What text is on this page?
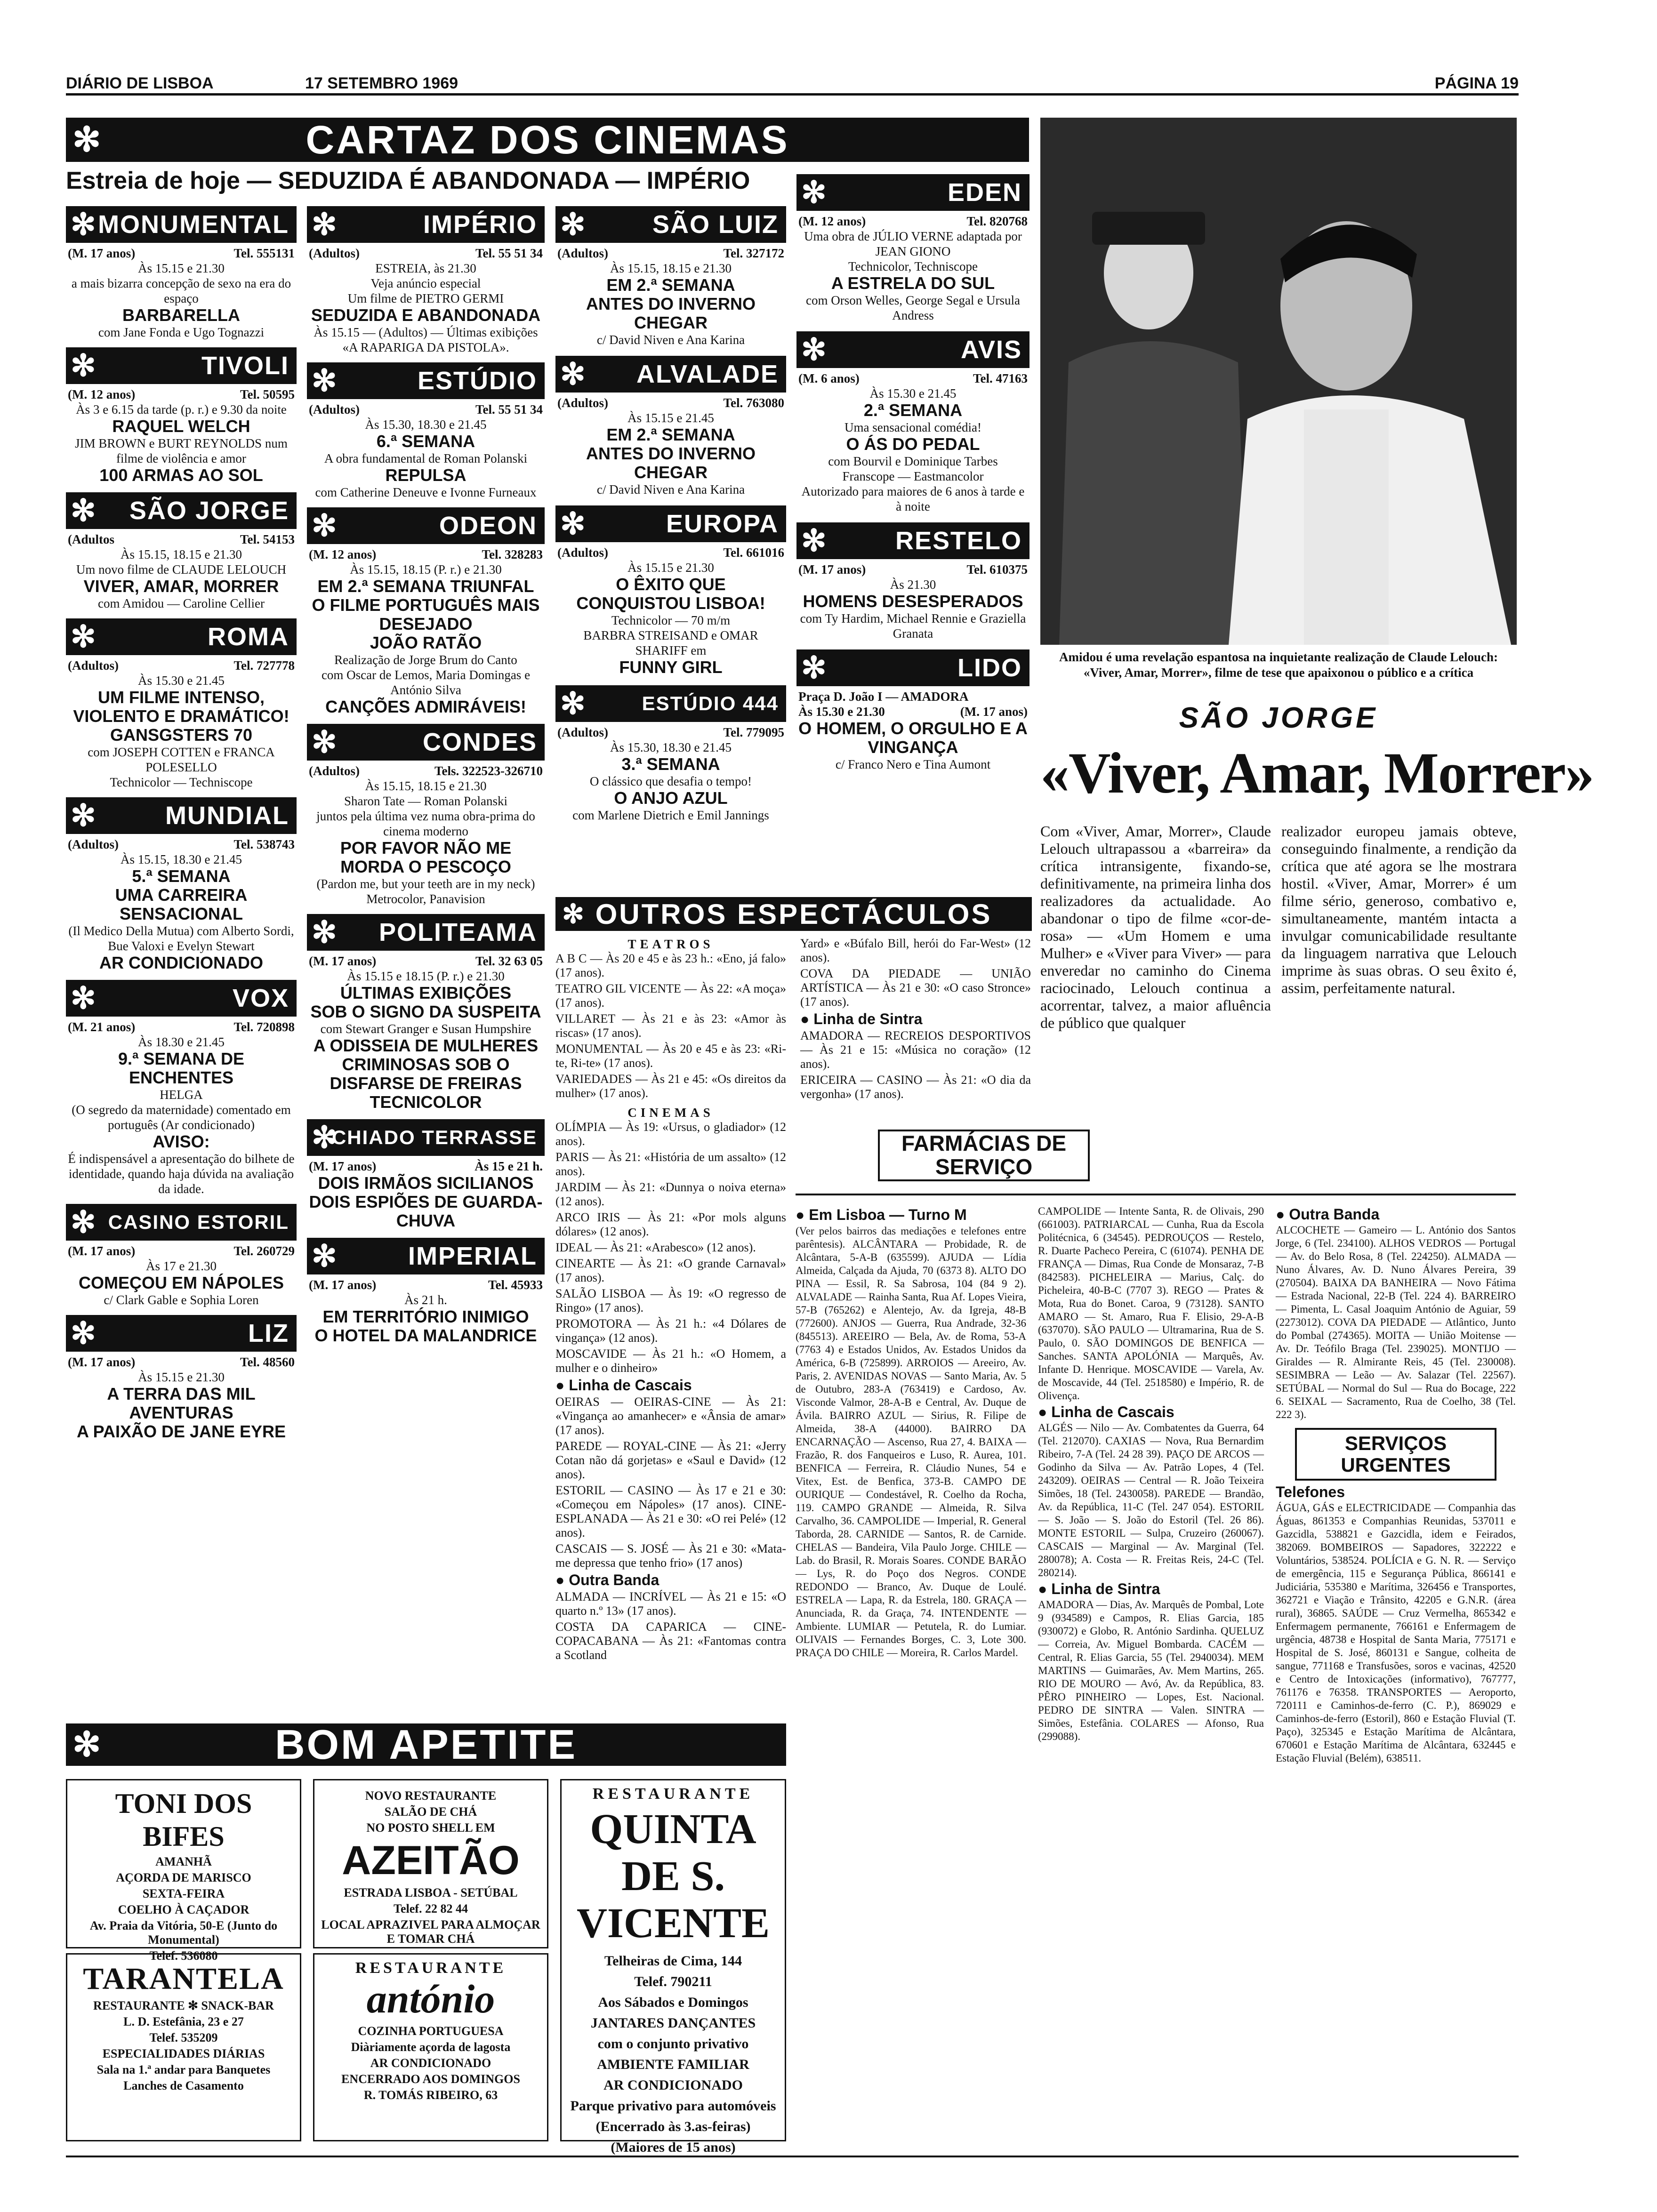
DIÁRIO DE LISBOA	17 SETEMBRO 1969	PÁGINA 19
✻	CARTAZ DOS CINEMAS
Estreia de hoje — SEDUZIDA É ABANDONADA — IMPÉRIO
✻ MONUMENTAL
(M. 17 anos)	Tel. 555131

Às 15.15 e 21.30

a mais bizarra concepção de sexo na era do espaço

BARBARELLA

com Jane Fonda e Ugo Tognazzi

✻	TIVOLI
(M. 12 anos)	Tel. 50595

Às 3 e 6.15 da tarde (p. r.) e 9.30 da noite

RAQUEL WELCH

JIM BROWN e BURT REYNOLDS num filme de violência e amor

100 ARMAS AO SOL

✻ SÃO JORGE
(Adultos	Tel. 54153

Às 15.15, 18.15 e 21.30

Um novo filme de CLAUDE LELOUCH

VIVER, AMAR, MORRER

com Amidou — Caroline Cellier

✻	ROMA
(Adultos)	Tel. 727778

Às 15.30 e 21.45

UM FILME INTENSO, VIOLENTO E DRAMÁTICO!

GANSGSTERS 70

com JOSEPH COTTEN e FRANCA POLESELLO

Technicolor — Techniscope

✻	MUNDIAL
(Adultos)	Tel. 538743

Às 15.15, 18.30 e 21.45

5.ª SEMANA

UMA CARREIRA SENSACIONAL

(Il Medico Della Mutua) com Alberto Sordi, Bue Valoxi e Evelyn Stewart

AR CONDICIONADO

✻	VOX
(M. 21 anos)	Tel. 720898

Às 18.30 e 21.45

9.ª SEMANA DE ENCHENTES

HELGA

(O segredo da maternidade) comentado em português (Ar condicionado)

AVISO:

É indispensável a apresentação do bilhete de identidade, quando haja dúvida na avaliação da idade.

✻ CASINO ESTORIL
(M. 17 anos)	Tel. 260729

Às 17 e 21.30

COMEÇOU EM NÁPOLES

c/ Clark Gable e Sophia Loren

✻	LIZ
(M. 17 anos)	Tel. 48560

Às 15.15 e 21.30

A TERRA DAS MIL AVENTURAS

A PAIXÃO DE JANE EYRE

✻	IMPÉRIO
(Adultos)	Tel. 55 51 34

ESTREIA, às 21.30

Veja anúncio especial

Um filme de PIETRO GERMI

SEDUZIDA E ABANDONADA

Às 15.15 — (Adultos) — Últimas exibições «A RAPARIGA DA PISTOLA».

✻	ESTÚDIO
(Adultos)	Tel. 55 51 34

Às 15.30, 18.30 e 21.45

6.ª SEMANA

A obra fundamental de Roman Polanski

REPULSA

com Catherine Deneuve e Ivonne Furneaux

✻	ODEON
(M. 12 anos)	Tel. 328283

Às 15.15, 18.15 (P. r.) e 21.30

EM 2.ª SEMANA TRIUNFAL

O FILME PORTUGUÊS MAIS DESEJADO

JOÃO RATÃO

Realização de Jorge Brum do Canto

com Oscar de Lemos, Maria Domingas e António Silva

CANÇÕES ADMIRÁVEIS!

✻	CONDES
(Adultos)	Tels. 322523-326710

Às 15.15, 18.15 e 21.30

Sharon Tate — Roman Polanski

juntos pela última vez numa obra-prima do cinema moderno

POR FAVOR NÃO ME MORDA O PESCOÇO

(Pardon me, but your teeth are in my neck)

Metrocolor, Panavision

✻ POLITEAMA
(M. 17 anos)	Tel. 32 63 05

Às 15.15 e 18.15 (P. r.) e 21.30

ÚLTIMAS EXIBIÇÕES

SOB O SIGNO DA SUSPEITA

com Stewart Granger e Susan Humpshire

A ODISSEIA DE MULHERES CRIMINOSAS SOB O DISFARSE DE FREIRAS

TECNICOLOR

✻
CHIADO TERRASSE
(M. 17 anos)	Às 15 e 21 h.

DOIS IRMÃOS SICILIANOS

DOIS ESPIÕES DE GUARDA-CHUVA

✻	IMPERIAL
(M. 17 anos)	Tel. 45933

Às 21 h.

EM TERRITÓRIO INIMIGO

O HOTEL DA MALANDRICE

✻	SÃO LUIZ
(Adultos)	Tel. 327172

Às 15.15, 18.15 e 21.30

EM 2.ª SEMANA

ANTES DO INVERNO CHEGAR

c/ David Niven e Ana Karina

✻ ALVALADE
(Adultos)	Tel. 763080

Às 15.15 e 21.45

EM 2.ª SEMANA

ANTES DO INVERNO CHEGAR

c/ David Niven e Ana Karina

✻	EUROPA
(Adultos)	Tel. 661016

Às 15.15 e 21.30

O ÊXITO QUE CONQUISTOU LISBOA!

Technicolor — 70 m/m

BARBRA STREISAND e OMAR SHARIFF em

FUNNY GIRL

✻	ESTÚDIO 444
(Adultos)	Tel. 779095

Às 15.30, 18.30 e 21.45

3.ª SEMANA

O clássico que desafia o tempo!

O ANJO AZUL

com Marlene Dietrich e Emil Jannings

✻	EDEN
(M. 12 anos)	Tel. 820768

Uma obra de JÚLIO VERNE adaptada por JEAN GIONO

Technicolor, Techniscope

A ESTRELA DO SUL

com Orson Welles, George Segal e Ursula Andress

✻	AVIS
(M. 6 anos)	Tel. 47163

Às 15.30 e 21.45

2.ª SEMANA

Uma sensacional comédia!

O ÁS DO PEDAL

com Bourvil e Dominique Tarbes

Franscope — Eastmancolor

Autorizado para maiores de 6 anos à tarde e à noite

✻	RESTELO
(M. 17 anos)	Tel. 610375

Às 21.30

HOMENS DESESPERADOS

com Ty Hardim, Michael Rennie e Graziella Granata

✻	LIDO
Praça D. João I — AMADORA
Às 15.30 e 21.30	(M. 17 anos)

O HOMEM, O ORGULHO E A VINGANÇA

c/ Franco Nero e Tina Aumont

Amidou é uma revelação espantosa na inquietante realização de Claude Lelouch: «Viver, Amar, Morrer», filme de tese que apaixonou o público e a crítica
SÃO JORGE
«Viver, Amar, Morrer»
Com «Viver, Amar, Morrer», Claude Lelouch ultrapassou a «barreira» da crítica intransigente, fixando-se, definitivamente, na primeira linha dos realizadores da actualidade. Ao abandonar o tipo de filme «cor-de-rosa» — «Um Homem e uma Mulher» e «Viver para Viver» — para enveredar no caminho do Cinema raciocinado, Lelouch continua a acorrentar, talvez, a maior afluência de público que qualquer
realizador europeu jamais obteve, conseguindo finalmente, a rendição da crítica que até agora se lhe mostrara hostil. «Viver, Amar, Morrer» é um filme sério, generoso, combativo e, simultaneamente, mantém intacta a invulgar comunicabilidade resultante da linguagem narrativa que Lelouch imprime às suas obras. O seu êxito é, assim, perfeitamente natural.
✻ OUTROS ESPECTÁCULOS
TEATROS

A B C — Às 20 e 45 e às 23 h.: «Eno, já falo» (17 anos).

TEATRO GIL VICENTE — Às 22: «A moça» (17 anos).

VILLARET — Às 21 e às 23: «Amor às riscas» (17 anos).

MONUMENTAL — Às 20 e 45 e às 23: «Ri-te, Ri-te» (17 anos).

VARIEDADES — Às 21 e 45: «Os direitos da mulher» (17 anos).

CINEMAS

OLÍMPIA — Às 19: «Ursus, o gladiador» (12 anos).

PARIS — Às 21: «História de um assalto» (12 anos).

JARDIM — Às 21: «Dunnya o noiva eterna» (12 anos).

ARCO IRIS — Às 21: «Por mols alguns dólares» (12 anos).

IDEAL — Às 21: «Arabesco» (12 anos).

CINEARTE — Às 21: «O grande Carnaval» (17 anos).

SALÃO LISBOA — Às 19: «O regresso de Ringo» (17 anos).

PROMOTORA — Às 21 h.: «4 Dólares de vingança» (12 anos).

MOSCAVIDE — Às 21 h.: «O Homem, a mulher e o dinheiro»

● Linha de Cascais

OEIRAS — OEIRAS-CINE — Às 21: «Vingança ao amanhecer» e «Ânsia de amar» (17 anos).

PAREDE — ROYAL-CINE — Às 21: «Jerry Cotan não dá gorjetas» e «Saul e David» (12 anos).

ESTORIL — CASINO — Às 17 e 21 e 30: «Começou em Nápoles» (17 anos). CINE-ESPLANADA — Às 21 e 30: «O rei Pelé» (12 anos).

CASCAIS — S. JOSÉ — Às 21 e 30: «Mata-me depressa que tenho frio» (17 anos)

● Outra Banda

ALMADA — INCRÍVEL — Às 21 e 15: «O quarto n.º 13» (17 anos).

COSTA DA CAPARICA — CINE-COPACABANA — Às 21: «Fantomas contra a Scotland

Yard» e «Búfalo Bill, herói do Far-West» (12 anos).

COVA DA PIEDADE — UNIÃO ARTÍSTICA — Às 21 e 30: «O caso Stronce» (17 anos).

● Linha de Sintra

AMADORA — RECREIOS DESPORTIVOS — Às 21 e 15: «Música no coração» (12 anos).

ERICEIRA — CASINO — Às 21: «O dia da vergonha» (17 anos).

FARMÁCIAS DE SERVIÇO
● Em Lisboa — Turno M

(Ver pelos bairros das mediações e telefones entre parêntesis). ALCÂNTARA — Probidade, R. de Alcântara, 5-A-B (635599). AJUDA — Lídia Almeida, Calçada da Ajuda, 70 (6373 8). ALTO DO PINA — Essil, R. Sa Sabrosa, 104 (84 9 2). ALVALADE — Rainha Santa, Rua Af. Lopes Vieira, 57-B (765262) e Alentejo, Av. da Igreja, 48-B (772600). ANJOS — Guerra, Rua Andrade, 32-36 (845513). AREEIRO — Bela, Av. de Roma, 53-A (7763 4) e Estados Unidos, Av. Estados Unidos da América, 6-B (725899). ARROIOS — Areeiro, Av. Paris, 2. AVENIDAS NOVAS — Santo Maria, Av. 5 de Outubro, 283-A (763419) e Cardoso, Av. Visconde Valmor, 28-A-B e Central, Av. Duque de Ávila. BAIRRO AZUL — Sirius, R. Filipe de Almeida, 38-A (44000). BAIRRO DA ENCARNAÇÃO — Ascenso, Rua 27, 4. BAIXA — Frazão, R. dos Fanqueiros e Luso, R. Aurea, 101. BENFICA — Ferreira, R. Cláudio Nunes, 54 e Vitex, Est. de Benfica, 373-B. CAMPO DE OURIQUE — Condestável, R. Coelho da Rocha, 119. CAMPO GRANDE — Almeida, R. Silva Carvalho, 36. CAMPOLIDE — Imperial, R. General Taborda, 28. CARNIDE — Santos, R. de Carnide. CHELAS — Bandeira, Vila Paulo Jorge. CHILE — Lab. do Brasil, R. Morais Soares. CONDE BARÃO — Lys, R. do Poço dos Negros. CONDE REDONDO — Branco, Av. Duque de Loulé. ESTRELA — Lapa, R. da Estrela, 180. GRAÇA — Anunciada, R. da Graça, 74. INTENDENTE — Ambiente. LUMIAR — Petutela, R. do Lumiar. OLIVAIS — Fernandes Borges, C. 3, Lote 300. PRAÇA DO CHILE — Moreira, R. Carlos Mardel.

CAMPOLIDE — Intente Santa, R. de Olivais, 290 (661003). PATRIARCAL — Cunha, Rua da Escola Politécnica, 6 (34545). PEDROUÇOS — Restelo, R. Duarte Pacheco Pereira, C (61074). PENHA DE FRANÇA — Dimas, Rua Conde de Monsaraz, 7-B (842583). PICHELEIRA — Marius, Calç. do Picheleira, 40-B-C (7707 3). REGO — Prates & Mota, Rua do Bonet. Caroa, 9 (73128). SANTO AMARO — St. Amaro, Rua F. Elisio, 29-A-B (637070). SÃO PAULO — Ultramarina, Rua de S. Paulo, 0. SÃO DOMINGOS DE BENFICA — Sanches. SANTA APOLÓNIA — Marquês, Av. Infante D. Henrique. MOSCAVIDE — Varela, Av. de Moscavide, 44 (Tel. 2518580) e Império, R. de Olivença.

● Linha de Cascais

ALGÉS — Nilo — Av. Combatentes da Guerra, 64 (Tel. 212070). CAXIAS — Nova, Rua Bernardim Ribeiro, 7-A (Tel. 24 28 39). PAÇO DE ARCOS — Godinho da Silva — Av. Patrão Lopes, 4 (Tel. 243209). OEIRAS — Central — R. João Teixeira Simões, 18 (Tel. 2430058). PAREDE — Brandão, Av. da República, 11-C (Tel. 247 054). ESTORIL — S. João — S. João do Estoril (Tel. 26 86). MONTE ESTORIL — Sulpa, Cruzeiro (260067). CASCAIS — Marginal — Av. Marginal (Tel. 280078); A. Costa — R. Freitas Reis, 24-C (Tel. 280214).

● Linha de Sintra

AMADORA — Dias, Av. Marquês de Pombal, Lote 9 (934589) e Campos, R. Elias Garcia, 185 (930072) e Globo, R. António Sardinha. QUELUZ — Correia, Av. Miguel Bombarda. CACÉM — Central, R. Elias Garcia, 55 (Tel. 2940034). MEM MARTINS — Guimarães, Av. Mem Martins, 265. RIO DE MOURO — Avó, Av. da República, 83. PÊRO PINHEIRO — Lopes, Est. Nacional. PEDRO DE SINTRA — Valen. SINTRA — Simões, Estefânia. COLARES — Afonso, Rua (299088).

● Outra Banda

ALCOCHETE — Gameiro — L. António dos Santos Jorge, 6 (Tel. 234100). ALHOS VEDROS — Portugal — Av. do Belo Rosa, 8 (Tel. 224250). ALMADA — Nuno Álvares, Av. D. Nuno Álvares Pereira, 39 (270504). BAIXA DA BANHEIRA — Novo Fátima — Estrada Nacional, 22-B (Tel. 224 4). BARREIRO — Pimenta, L. Casal Joaquim António de Aguiar, 59 (2273012). COVA DA PIEDADE — Atlântico, Junto do Pombal (274365). MOITA — União Moitense — Av. Dr. Teófilo Braga (Tel. 239025). MONTIJO — Giraldes — R. Almirante Reis, 45 (Tel. 230008). SESIMBRA — Leão — Av. Salazar (Tel. 22567). SETÚBAL — Normal do Sul — Rua do Bocage, 222 6. SEIXAL — Sacramento, Rua de Coelho, 38 (Tel. 222 3).

SERVIÇOS URGENTES
Telefones

ÁGUA, GÁS e ELECTRICIDADE — Companhia das Águas, 861353 e Companhias Reunidas, 537011 e Gazcidla, 538821 e Gazcidla, idem e Feirados, 382069. BOMBEIROS — Sapadores, 322222 e Voluntários, 538524. POLÍCIA e G. N. R. — Serviço de emergência, 115 e Segurança Pública, 866141 e Judiciária, 535380 e Marítima, 326456 e Transportes, 362721 e Viação e Trânsito, 42205 e G.N.R. (área rural), 36865. SAÚDE — Cruz Vermelha, 865342 e Enfermagem permanente, 766161 e Enfermagem de urgência, 48738 e Hospital de Santa Maria, 775171 e Hospital de S. José, 860131 e Sangue, colheita de sangue, 771168 e Transfusões, soros e vacinas, 42520 e Centro de Intoxicações (informativo), 767777, 761176 e 76358. TRANSPORTES — Aeroporto, 720111 e Caminhos-de-ferro (C. P.), 869029 e Caminhos-de-ferro (Estoril), 860 e Estação Fluvial (T. Paço), 325345 e Estação Marítima de Alcântara, 670601 e Estação Marítima de Alcântara, 632445 e Estação Fluvial (Belém), 638511.

✻	BOM APETITE
TONI DOS BIFES
AMANHÃ
AÇORDA DE MARISCO
SEXTA-FEIRA
COELHO À CAÇADOR
Av. Praia da Vitória, 50-E (Junto do Monumental)
Telef. 536080
TARANTELA
RESTAURANTE ✻ SNACK-BAR
L. D. Estefânia, 23 e 27
Telef. 535209
ESPECIALIDADES DIÁRIAS
Sala na 1.ª andar para Banquetes
Lanches de Casamento
NOVO RESTAURANTE
SALÃO DE CHÁ
NO POSTO SHELL EM
AZEITÃO
ESTRADA LISBOA - SETÚBAL
Telef. 22 82 44
LOCAL APRAZIVEL PARA ALMOÇAR E TOMAR CHÁ
RESTAURANTE
antónio
COZINHA PORTUGUESA
Diàriamente açorda de lagosta
AR CONDICIONADO
ENCERRADO AOS DOMINGOS
R. TOMÁS RIBEIRO, 63
RESTAURANTE
QUINTA DE S. VICENTE
Telheiras de Cima, 144
Telef. 790211
Aos Sábados e Domingos
JANTARES DANÇANTES
com o conjunto privativo
AMBIENTE FAMILIAR
AR CONDICIONADO
Parque privativo para automóveis
(Encerrado às 3.as-feiras)
(Maiores de 15 anos)
